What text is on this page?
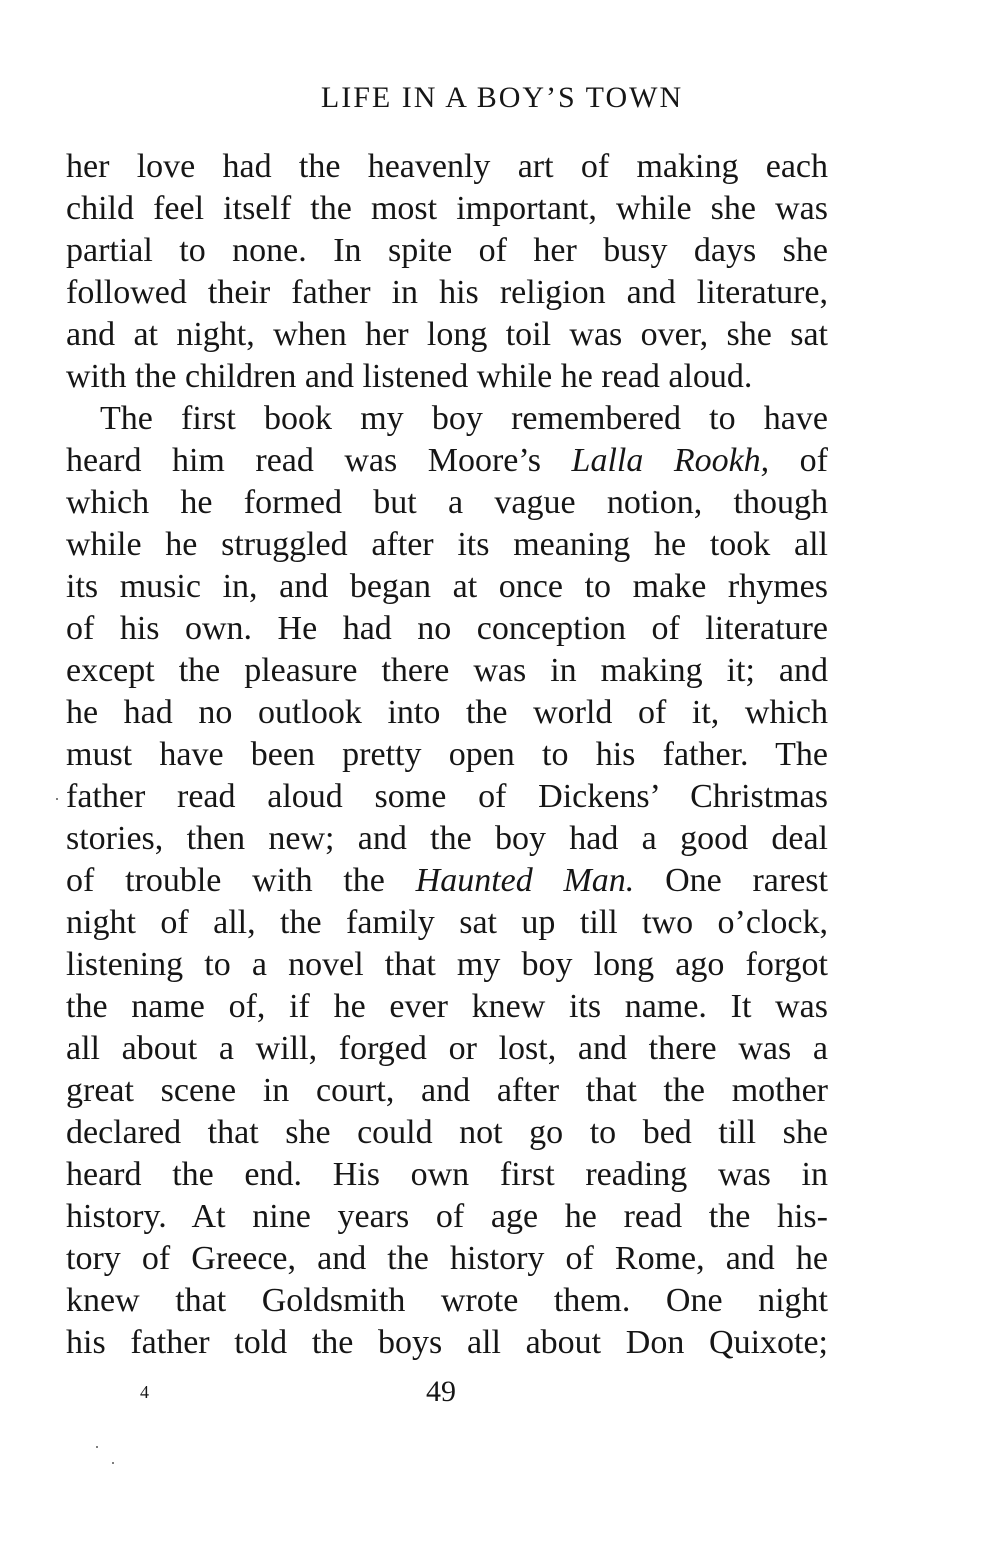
LIFE IN A BOY’S TOWN
her love had the heavenly art of making each
child feel itself the most important, while she was
partial to none. In spite of her busy days she
followed their father in his religion and literature,
and at night, when her long toil was over, she sat
with the children and listened while he read aloud.
The first book my boy remembered to have
heard him read was Moore’s Lalla Rookh, of
which he formed but a vague notion, though
while he struggled after its meaning he took all
its music in, and began at once to make rhymes
of his own. He had no conception of literature
except the pleasure there was in making it; and
he had no outlook into the world of it, which
must have been pretty open to his father. The
father read aloud some of Dickens’ Christmas
stories, then new; and the boy had a good deal
of trouble with the Haunted Man. One rarest
night of all, the family sat up till two o’clock,
listening to a novel that my boy long ago forgot
the name of, if he ever knew its name. It was
all about a will, forged or lost, and there was a
great scene in court, and after that the mother
declared that she could not go to bed till she
heard the end. His own first reading was in
history. At nine years of age he read the his-
tory of Greece, and the history of Rome, and he
knew that Goldsmith wrote them. One night
his father told the boys all about Don Quixote;
4	49
